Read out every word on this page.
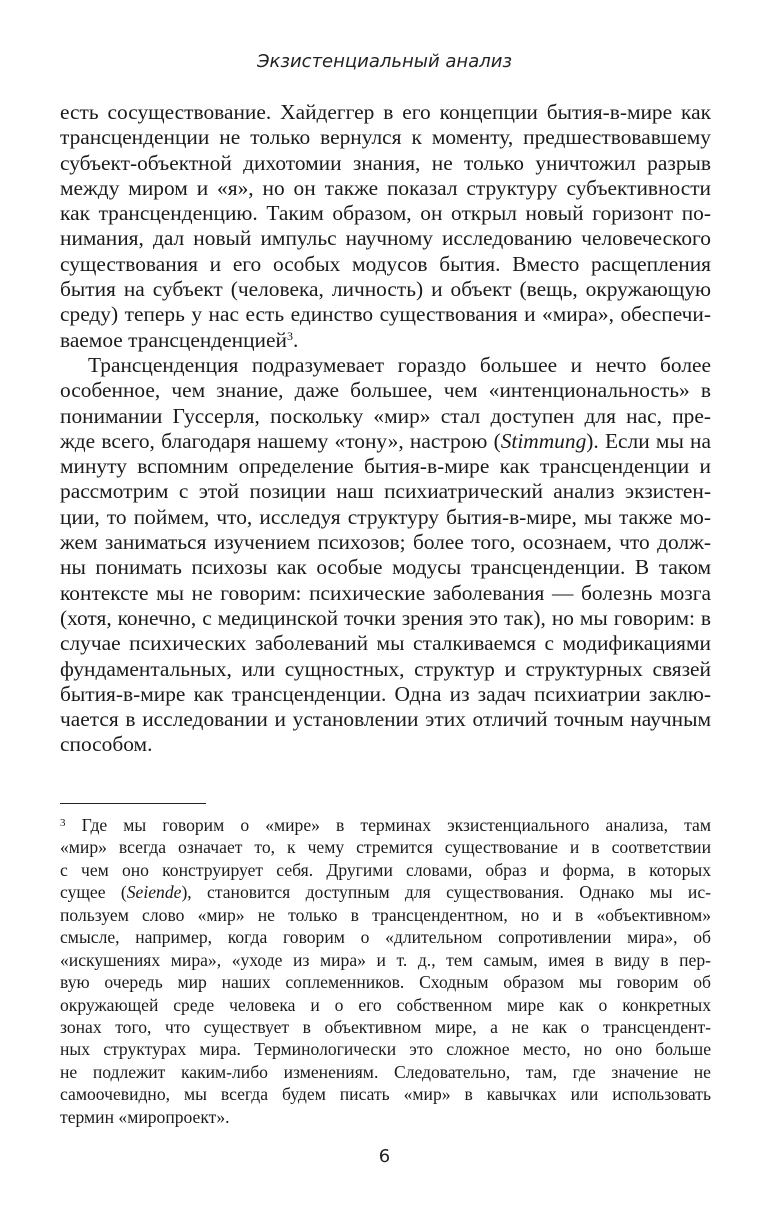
Экзистенциальный анализ
есть сосуществование. Хайдеггер в его концепции бытия-в-мире как
трансценденции не только вернулся к моменту, предшествовавшему
субъект-объектной дихотомии знания, не только уничтожил разрыв
между миром и «я», но он также показал структуру субъективности
как трансценденцию. Таким образом, он открыл новый горизонт по-
нимания, дал новый импульс научному исследованию человеческого
существования и его особых модусов бытия. Вместо расщепления
бытия на субъект (человека, личность) и объект (вещь, окружающую
среду) теперь у нас есть единство существования и «мира», обеспечи-
ваемое трансценденцией$^3$.
Трансценденция подразумевает гораздо большее и нечто более
особенное, чем знание, даже большее, чем «интенциональность» в
понимании Гуссерля, поскольку «мир» стал доступен для нас, пре-
жде всего, благодаря нашему «тону», настрою (Stimmung). Если мы на
минуту вспомним определение бытия-в-мире как трансценденции и
рассмотрим с этой позиции наш психиатрический анализ экзистен-
ции, то поймем, что, исследуя структуру бытия-в-мире, мы также мо-
жем заниматься изучением психозов; более того, осознаем, что долж-
ны понимать психозы как особые модусы трансценденции. В таком
контексте мы не говорим: психические заболевания — болезнь мозга
(хотя, конечно, с медицинской точки зрения это так), но мы говорим: в
случае психических заболеваний мы сталкиваемся с модификациями
фундаментальных, или сущностных, структур и структурных связей
бытия-в-мире как трансценденции. Одна из задач психиатрии заклю-
чается в исследовании и установлении этих отличий точным научным
способом.
$^3$ Где мы говорим о «мире» в терминах экзистенциального анализа, там
«мир» всегда означает то, к чему стремится существование и в соответствии
с чем оно конструирует себя. Другими словами, образ и форма, в которых
сущее (Seiende), становится доступным для существования. Однако мы ис-
пользуем слово «мир» не только в трансцендентном, но и в «объективном»
смысле, например, когда говорим о «длительном сопротивлении мира», об
«искушениях мира», «уходе из мира» и т. д., тем самым, имея в виду в пер-
вую очередь мир наших соплеменников. Сходным образом мы говорим об
окружающей среде человека и о его собственном мире как о конкретных
зонах того, что существует в объективном мире, а не как о трансцендент-
ных структурах мира. Терминологически это сложное место, но оно больше
не подлежит каким-либо изменениям. Следовательно, там, где значение не
самоочевидно, мы всегда будем писать «мир» в кавычках или использовать
термин «миропроект».
6
